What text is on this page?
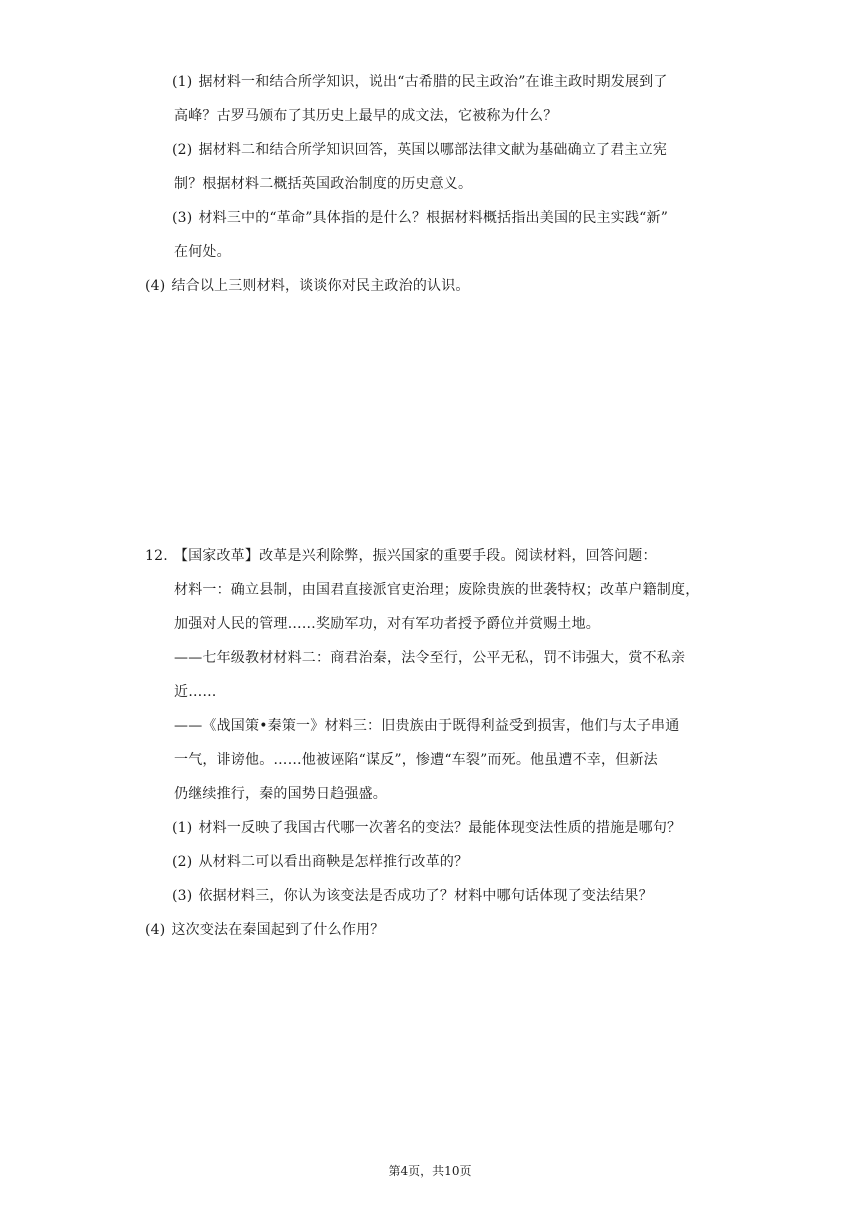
(1) 据材料一和结合所学知识，说出“古希腊的民主政治”在谁主政时期发展到了
高峰？古罗马颁布了其历史上最早的成文法，它被称为什么？
(2) 据材料二和结合所学知识回答，英国以哪部法律文献为基础确立了君主立宪
制？根据材料二概括英国政治制度的历史意义。
(3) 材料三中的“革命”具体指的是什么？根据材料概括指出美国的民主实践“新”
在何处。
(4) 结合以上三则材料，谈谈你对民主政治的认识。
12. 【国家改革】改革是兴利除弊，振兴国家的重要手段。阅读材料，回答问题：
材料一：确立县制，由国君直接派官吏治理；废除贵族的世袭特权；改革户籍制度，
加强对人民的管理……奖励军功，对有军功者授予爵位并赏赐土地。
——七年级教材材料二：商君治秦，法令至行，公平无私，罚不讳强大，赏不私亲
近……
——《战国策•秦策一》材料三：旧贵族由于既得利益受到损害，他们与太子串通
一气，诽谤他。……他被诬陷“谋反”，惨遭“车裂”而死。他虽遭不幸，但新法
仍继续推行，秦的国势日趋强盛。
(1) 材料一反映了我国古代哪一次著名的变法？最能体现变法性质的措施是哪句？
(2) 从材料二可以看出商鞅是怎样推行改革的？
(3) 依据材料三，你认为该变法是否成功了？材料中哪句话体现了变法结果？
(4) 这次变法在秦国起到了什么作用？
第4页，共10页
